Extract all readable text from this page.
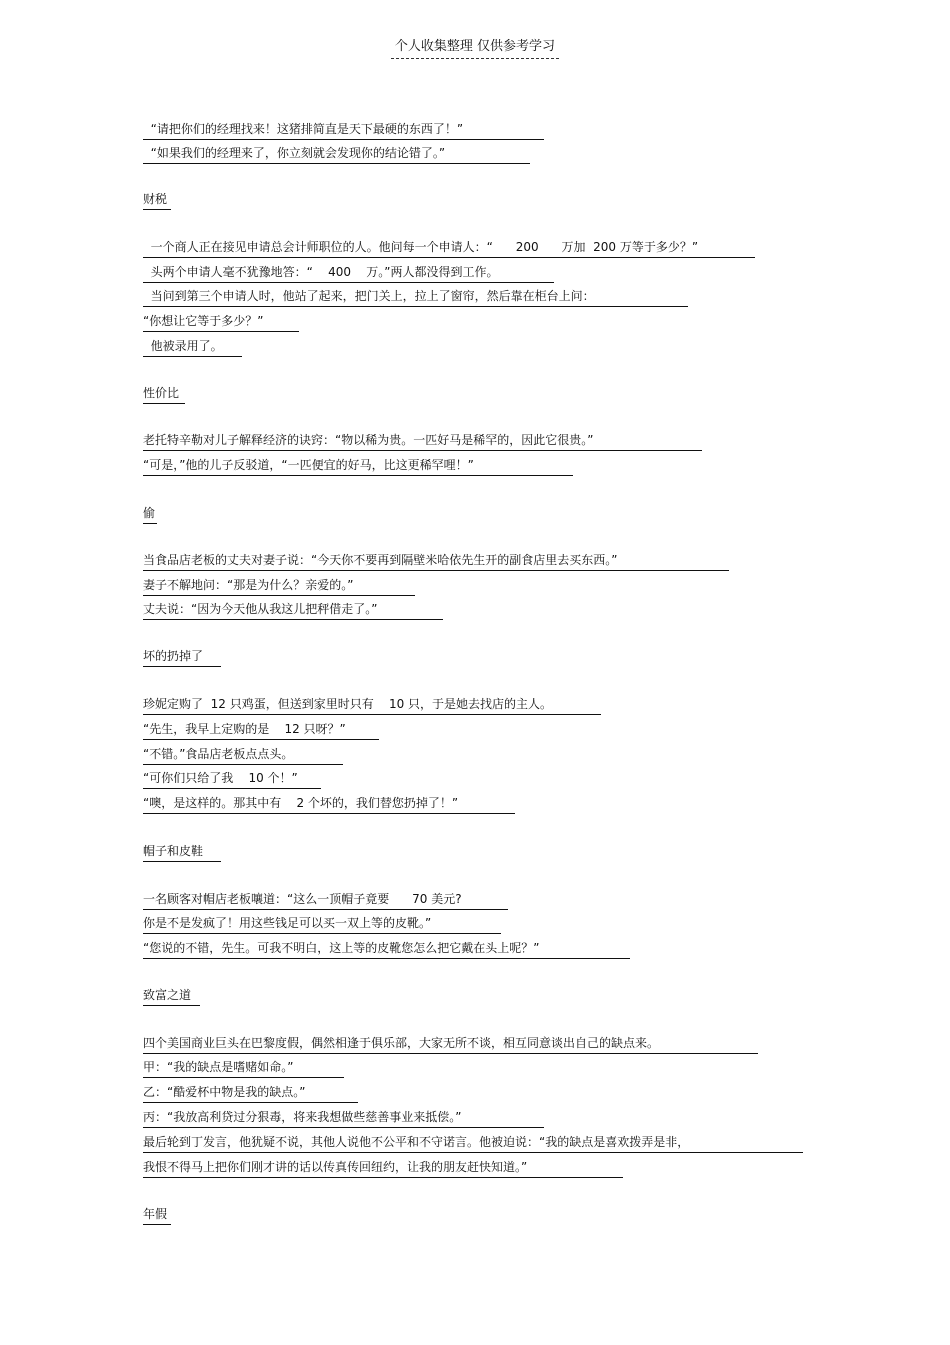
个人收集整理 仅供参考学习
“请把你们的经理找来！这猪排简直是天下最硬的东西了！”
“如果我们的经理来了，你立刻就会发现你的结论错了。”
财税
一个商人正在接见申请总会计师职位的人。他问每一个申请人：“      200      万加  200 万等于多少？”
头两个申请人毫不犹豫地答：“    400    万。”两人都没得到工作。
当问到第三个申请人时，他站了起来，把门关上，拉上了窗帘，然后靠在柜台上问：
“你想让它等于多少？”
他被录用了。
性价比
老托特辛勒对儿子解释经济的诀窍：“物以稀为贵。一匹好马是稀罕的，因此它很贵。”
“可是，”他的儿子反驳道，“一匹便宜的好马，比这更稀罕哩！”
偷
当食品店老板的丈夫对妻子说：“今天你不要再到隔壁米哈依先生开的副食店里去买东西。”
妻子不解地问：“那是为什么？亲爱的。”
丈夫说：“因为今天他从我这儿把秤借走了。”
坏的扔掉了
珍妮定购了  12 只鸡蛋，但送到家里时只有    10 只，于是她去找店的主人。
“先生，我早上定购的是    12 只呀？”
“不错。”食品店老板点点头。
“可你们只给了我    10 个！”
“噢，是这样的。那其中有    2 个坏的，我们替您扔掉了！”
帽子和皮鞋
一名顾客对帽店老板嚷道：“这么一顶帽子竟要      70 美元?
你是不是发疯了！用这些钱足可以买一双上等的皮靴。”
“您说的不错，先生。可我不明白，这上等的皮靴您怎么把它戴在头上呢？”
致富之道
四个美国商业巨头在巴黎度假，偶然相逢于俱乐部，大家无所不谈，相互同意谈出自己的缺点来。
甲：“我的缺点是嗜赌如命。”
乙：“酷爱杯中物是我的缺点。”
丙：“我放高利贷过分狠毒，将来我想做些慈善事业来抵偿。”
最后轮到丁发言，他犹疑不说，其他人说他不公平和不守诺言。他被迫说：“我的缺点是喜欢拨弄是非，
我恨不得马上把你们刚才讲的话以传真传回纽约，让我的朋友赶快知道。”
年假
